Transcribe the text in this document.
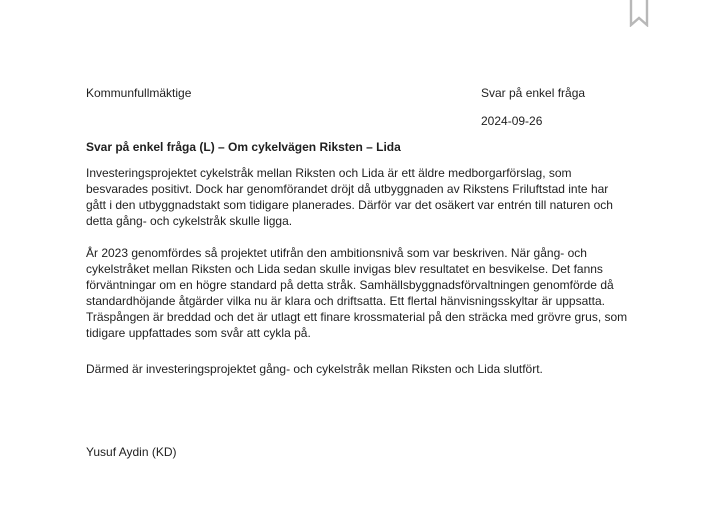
Kommunfullmäktige	Svar på enkel fråga
2024-09-26
Svar på enkel fråga (L) – Om cykelvägen Riksten – Lida

Investeringsprojektet cykelstråk mellan Riksten och Lida är ett äldre medborgarförslag, som
besvarades positivt. Dock har genomförandet dröjt då utbyggnaden av Rikstens Friluftstad inte har
gått i den utbyggnadstakt som tidigare planerades. Därför var det osäkert var entrén till naturen och
detta gång- och cykelstråk skulle ligga.

År 2023 genomfördes så projektet utifrån den ambitionsnivå som var beskriven. När gång- och
cykelstråket mellan Riksten och Lida sedan skulle invigas blev resultatet en besvikelse. Det fanns
förväntningar om en högre standard på detta stråk. Samhällsbyggnadsförvaltningen genomförde då
standardhöjande åtgärder vilka nu är klara och driftsatta. Ett flertal hänvisningsskyltar är uppsatta.
Träspången är breddad och det är utlagt ett finare krossmaterial på den sträcka med grövre grus, som
tidigare uppfattades som svår att cykla på.

Därmed är investeringsprojektet gång- och cykelstråk mellan Riksten och Lida slutfört.

Yusuf Aydin (KD)
